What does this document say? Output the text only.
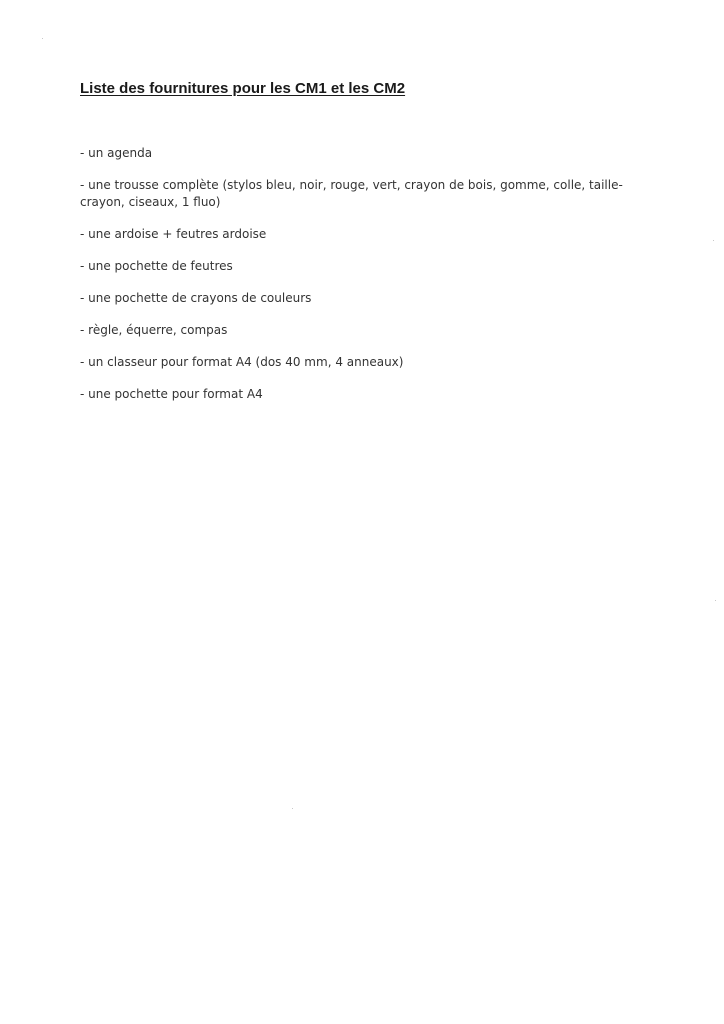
Liste des fournitures pour les CM1 et les CM2
- un agenda
- une trousse complète (stylos bleu, noir, rouge, vert, crayon de bois, gomme, colle, taille-crayon, ciseaux, 1 fluo)
- une ardoise + feutres ardoise
- une pochette de feutres
- une pochette de crayons de couleurs
- règle, équerre, compas
- un classeur pour format A4 (dos 40 mm, 4 anneaux)
- une pochette pour format A4
